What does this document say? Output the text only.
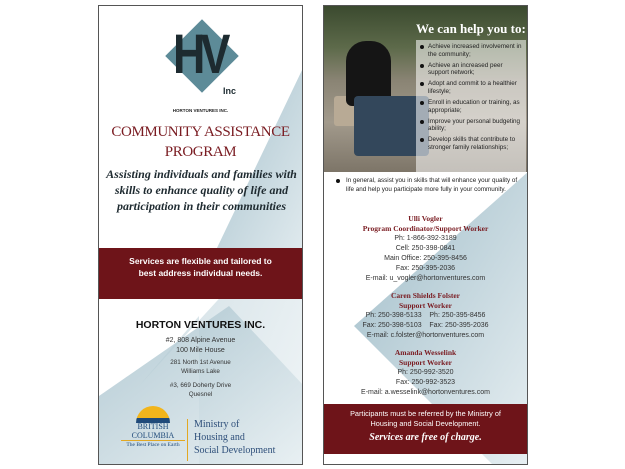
HV
Inc
HORTON VENTURES INC.
COMMUNITY ASSISTANCE
PROGRAM
Assisting individuals and families with skills to enhance quality of life and participation in their communities
Services are flexible and tailored to best address individual needs.
HORTON VENTURES INC.
#2, 808 Alpine Avenue
100 Mile House
281 North 1st Avenue
Williams Lake
#3, 669 Doherty Drive
Quesnel
BRITISH
COLUMBIA
The Best Place on Earth
Ministry of
Housing and
Social Development
We can help you to:
Achieve increased involvement in the community;
Achieve an increased peer support network;
Adopt and commit to a healthier lifestyle;
Enroll in education or training, as appropriate;
Improve your personal budgeting ability;
Develop skills that contribute to stronger family relationships;
In general, assist you in skills that will enhance your quality of life and help you participate more fully in your community.
Ulli Vogler
Program Coordinator/Support Worker
Ph: 1-866-392-3189
Cell: 250-398-0841
Main Office: 250-395-8456
Fax: 250-395-2036
E-mail: u_vogler@hortonventures.com
Caren Shields Folster
Support Worker
Ph: 250-398-5133    Ph: 250-395-8456
Fax: 250-398-5103    Fax: 250-395-2036
E-mail: c.folster@hortonventures.com
Amanda Wesselink
Support Worker
Ph: 250-992-3520
Fax: 250-992-3523
E-mail: a.wesselink@hortonventures.com
Participants must be referred by the Ministry of Housing and Social Development.
Services are free of charge.
